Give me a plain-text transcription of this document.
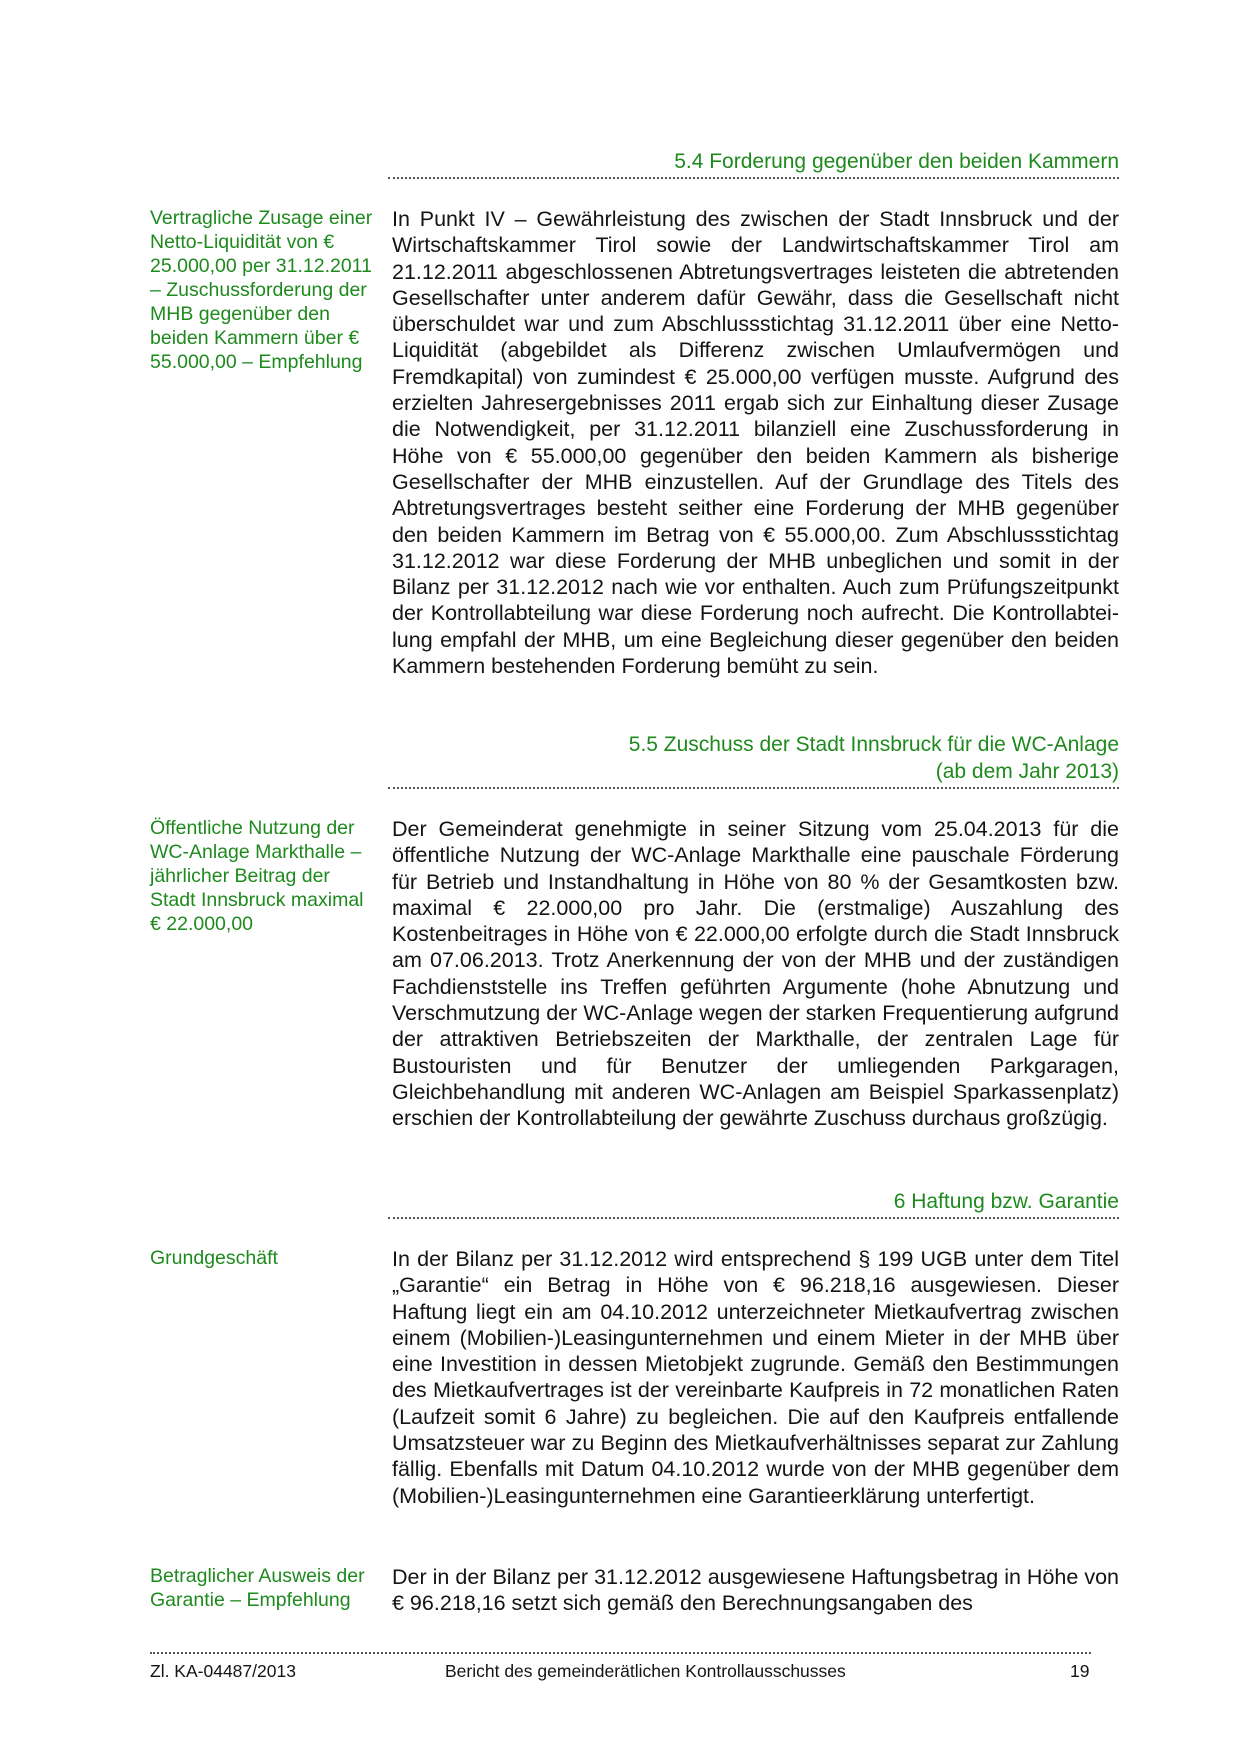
5.4 Forderung gegenüber den beiden Kammern
Vertragliche Zusage einer Netto-Liquidität von € 25.000,00 per 31.12.2011 – Zuschussforderung der MHB gegenüber den beiden Kammern über € 55.000,00 – Empfehlung

In Punkt IV – Gewährleistung des zwischen der Stadt Innsbruck und der Wirtschaftskammer Tirol sowie der Landwirtschaftskammer Tirol am 21.12.2011 abgeschlossenen Abtretungsvertrages leisteten die abtretenden Gesellschafter unter anderem dafür Gewähr, dass die Gesellschaft nicht überschuldet war und zum Abschlussstichtag 31.12.2011 über eine Netto-Liquidität (abgebildet als Differenz zwischen Umlaufvermögen und Fremdkapital) von zumindest € 25.000,00 verfügen musste. Aufgrund des erzielten Jahresergebnisses 2011 ergab sich zur Einhaltung dieser Zusage die Notwendigkeit, per 31.12.2011 bilanziell eine Zuschussforderung in Höhe von € 55.000,00 gegenüber den beiden Kammern als bisherige Gesellschafter der MHB einzustellen. Auf der Grundlage des Titels des Abtretungsvertrages besteht seither eine Forderung der MHB gegenüber den beiden Kammern im Betrag von € 55.000,00. Zum Abschlussstichtag 31.12.2012 war diese Forderung der MHB unbeglichen und somit in der Bilanz per 31.12.2012 nach wie vor enthalten. Auch zum Prüfungszeitpunkt der Kontrollabteilung war diese Forderung noch aufrecht. Die Kontrollabteilung empfahl der MHB, um eine Begleichung dieser gegenüber den beiden Kammern bestehenden Forderung bemüht zu sein.

5.5 Zuschuss der Stadt Innsbruck für die WC-Anlage
(ab dem Jahr 2013)
Öffentliche Nutzung der WC-Anlage Markthalle – jährlicher Beitrag der Stadt Innsbruck maximal € 22.000,00

Der Gemeinderat genehmigte in seiner Sitzung vom 25.04.2013 für die öffentliche Nutzung der WC-Anlage Markthalle eine pauschale Förderung für Betrieb und Instandhaltung in Höhe von 80 % der Gesamtkosten bzw. maximal € 22.000,00 pro Jahr. Die (erstmalige) Auszahlung des Kostenbeitrages in Höhe von € 22.000,00 erfolgte durch die Stadt Innsbruck am 07.06.2013. Trotz Anerkennung der von der MHB und der zuständigen Fachdienststelle ins Treffen geführten Argumente (hohe Abnutzung und Verschmutzung der WC-Anlage wegen der starken Frequentierung aufgrund der attraktiven Betriebszeiten der Markthalle, der zentralen Lage für Bustouristen und für Benutzer der umliegenden Parkgaragen, Gleichbehandlung mit anderen WC-Anlagen am Beispiel Sparkassenplatz) erschien der Kontrollabteilung der gewährte Zuschuss durchaus großzügig.

6 Haftung bzw. Garantie
Grundgeschäft	In der Bilanz per 31.12.2012 wird entsprechend § 199 UGB unter dem Titel „Garantie“ ein Betrag in Höhe von € 96.218,16 ausgewiesen. Dieser Haftung liegt ein am 04.10.2012 unterzeichneter Mietkaufvertrag zwischen einem (Mobilien-)Leasingunternehmen und einem Mieter in der MHB über eine Investition in dessen Mietobjekt zugrunde. Gemäß den Bestimmungen des Mietkaufvertrages ist der vereinbarte Kaufpreis in 72 monatlichen Raten (Laufzeit somit 6 Jahre) zu begleichen. Die auf den Kaufpreis entfallende Umsatzsteuer war zu Beginn des Mietkaufverhältnisses separat zur Zahlung fällig. Ebenfalls mit Datum 04.10.2012 wurde von der MHB gegenüber dem (Mobilien-)Leasingunternehmen eine Garantieerklärung unterfertigt.

Betraglicher Ausweis der Garantie – Empfehlung

Der in der Bilanz per 31.12.2012 ausgewiesene Haftungsbetrag in Höhe von € 96.218,16 setzt sich gemäß den Berechnungsangaben des

Zl. KA-04487/2013	Bericht des gemeinderätlichen Kontrollausschusses	19
